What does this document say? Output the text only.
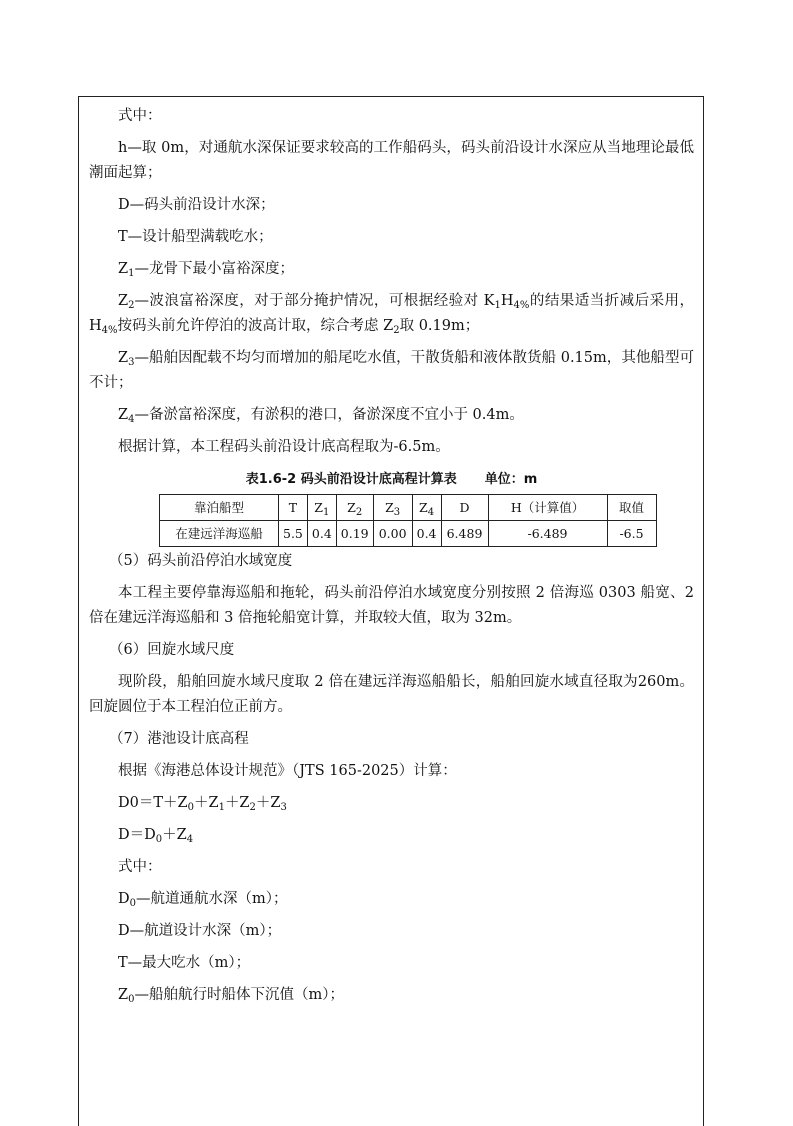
式中：

h—取 0m，对通航水深保证要求较高的工作船码头，码头前沿设计水深应从当地理论最低潮面起算；

D—码头前沿设计水深；

T—设计船型满载吃水；

$Z_1—$龙骨下最小富裕深度；

$Z_2—$波浪富裕深度，对于部分掩护情况，可根据经验对 $K_1H_{4\%}$的结果适当折减后采用，$H_{4\%}$按码头前允许停泊的波高计取，综合考虑 $Z_2$取 0.19m；

$Z_3—$船舶因配载不均匀而增加的船尾吃水值，干散货船和液体散货船 0.15m，其他船型可不计；

$Z_4—$备淤富裕深度，有淤积的港口，备淤深度不宜小于 0.4m。

根据计算，本工程码头前沿设计底高程取为-6.5m。

表1.6-2 码头前沿设计底高程计算表 单位：m
靠泊船型	T	$Z_1$	$Z_2$	$Z_3$	$Z_4$	D	H（计算值）	取值
在建远洋海巡船	5.5	0.4	0.19	0.00	0.4	6.489	-6.489	-6.5

（5）码头前沿停泊水域宽度

本工程主要停靠海巡船和拖轮，码头前沿停泊水域宽度分别按照 2 倍海巡 0303 船宽、2 倍在建远洋海巡船和 3 倍拖轮船宽计算，并取较大值，取为 32m。

（6）回旋水域尺度

现阶段，船舶回旋水域尺度取 2 倍在建远洋海巡船船长，船舶回旋水域直径取为260m。回旋圆位于本工程泊位正前方。

（7）港池设计底高程

根据《海港总体设计规范》（JTS 165-2025）计算：

$D0=T+Z_0+Z_1+Z_2+Z_3$

$D=D_0+Z_4$

式中：

$D_0—$航道通航水深（m）；

D—航道设计水深（m）；

T—最大吃水（m）；

$Z_0—$船舶航行时船体下沉值（m）；
